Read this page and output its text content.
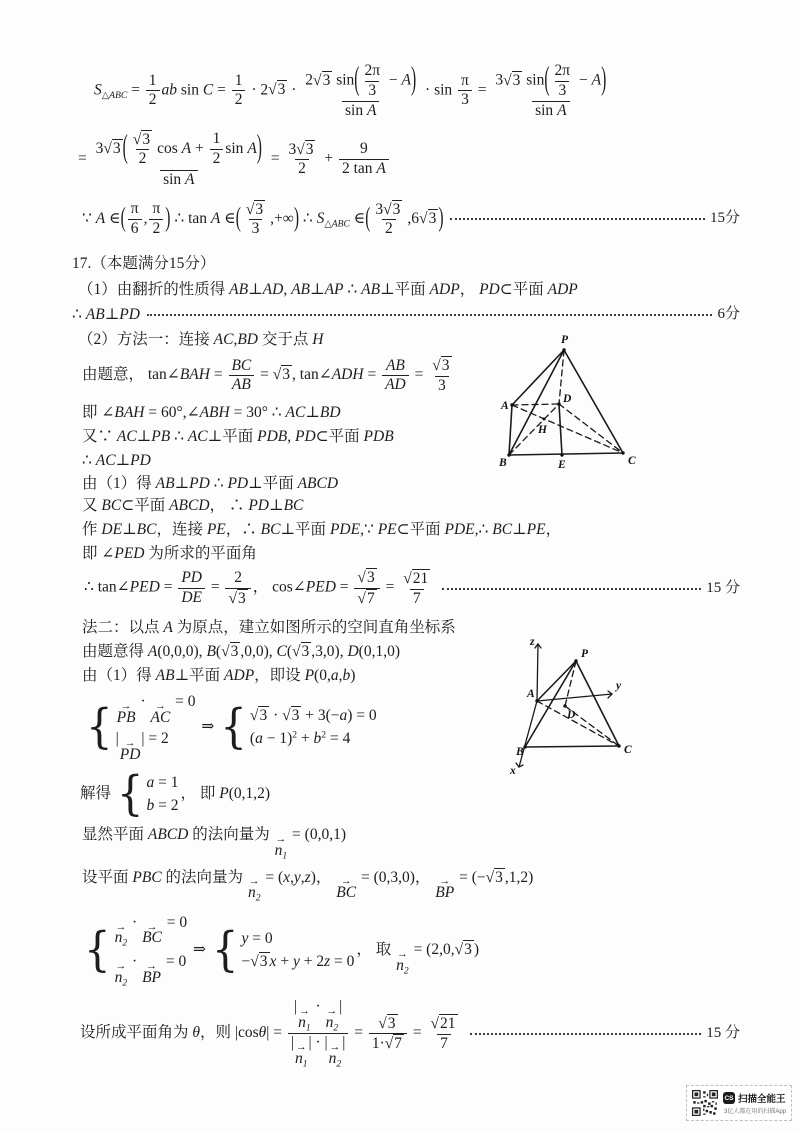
$S_{\triangle ABC} = \frac{1}{2}$ ab $\sin C = \frac{1}{2} \cdot 2√3 \cdot \frac{2√3 \sin( \frac{2\pi}{3} - A)}{\text{sin A}} \cdot \sin \frac{\pi}{3} = \frac{3√3 \sin( \frac{2\pi}{3} - A)}{\text{sin A}}$
= $\frac{3√3 ( \frac{√3}{2} \cos A + \frac{1}{2} \sin A)}{\text{sin A}} = \frac{3√3}{2} + \frac{9}{\text{2 tan A}}$
∵ A ∈( $\frac{\pi}{6}$ , $\frac{\pi}{2}$ ) ∴ tan A ∈( $\frac{√3}{3}$ ,+∞) ∴ $S_{\triangle ABC}$ ∈( $\frac{3√3}{2} ,6√3$ )	15分
17.（本题满分15分）
（1）由翻折的性质得 AB⊥AD, AB⊥AP ∴ AB⊥平面 ADP， PD⊂平面 ADP
∴ AB⊥PD	6分
（2）方法一：连接 AC,BD 交于点 H
由题意， tan∠BAH = $\frac{BC}{AB} = √3$ , tan∠ADH = $\frac{AB}{AD} = \frac{√3}{3}$
即 ∠BAH = 60°,∠ABH = 30° ∴ AC⊥BD
又∵ AC⊥PB ∴ AC⊥平面 PDB, PD⊂平面 PDB
∴ AC⊥PD
由（1）得 AB⊥PD ∴ PD⊥平面 ABCD
又 BC⊂平面 ABCD， ∴ PD⊥BC
作 DE⊥BC，连接 PE，∴ BC⊥平面 PDE,∵ PE⊂平面 PDE,∴ BC⊥PE，
即 ∠PED 为所求的平面角
∴ tan∠PED = $\frac{PD}{DE} = \frac{2}{√3}$ ， cos∠PED = $\frac{√3}{√7} = \frac{√21}{7}$	15 分
法二：以点 A 为原点，建立如图所示的空间直角坐标系
由题意得 A(0,0,0), B(√3 ,0,0), C(√3 ,3,0), D(0,1,0)
由（1）得 AB⊥平面 ADP，即设 P(0,a,b)
{ →
PB
· →
AC
= 0
| →
PD
| = 2
⇒ { √3 · √3 + 3(−a) = 0
$(a - 1)^2 + b^2 = 4$
解得 { a = 1
b = 2
， 即 P(0,1,2)
显然平面 ABCD 的法向量为 →
$n_1$
= (0,0,1)
设平面 PBC 的法向量为 →
$n_2$
= (x,y,z)， →
BC
= (0,3,0)， →
BP
= (−√3 ,1,2)
{ →
$n_2$
· →
BC
= 0
→
$n_2$
· →
BP
= 0
⇒ { y = 0
−√3 x + y + 2z = 0
， 取 →
$n_2$
= (2,0,√3 )
设所成平面角为 θ，则 |cosθ| = | →
$n_1$
· →
$n_2$
|
| →
$n_1$
| · | →
$n_2$
| = $\frac{√3}{1\cdot√7} = \frac{√21}{7}$	15 分
P
A
B	C
D
E
H
P
A
D
B	C
z
y
x
CS 扫描全能王
3亿人都在用的扫描App
